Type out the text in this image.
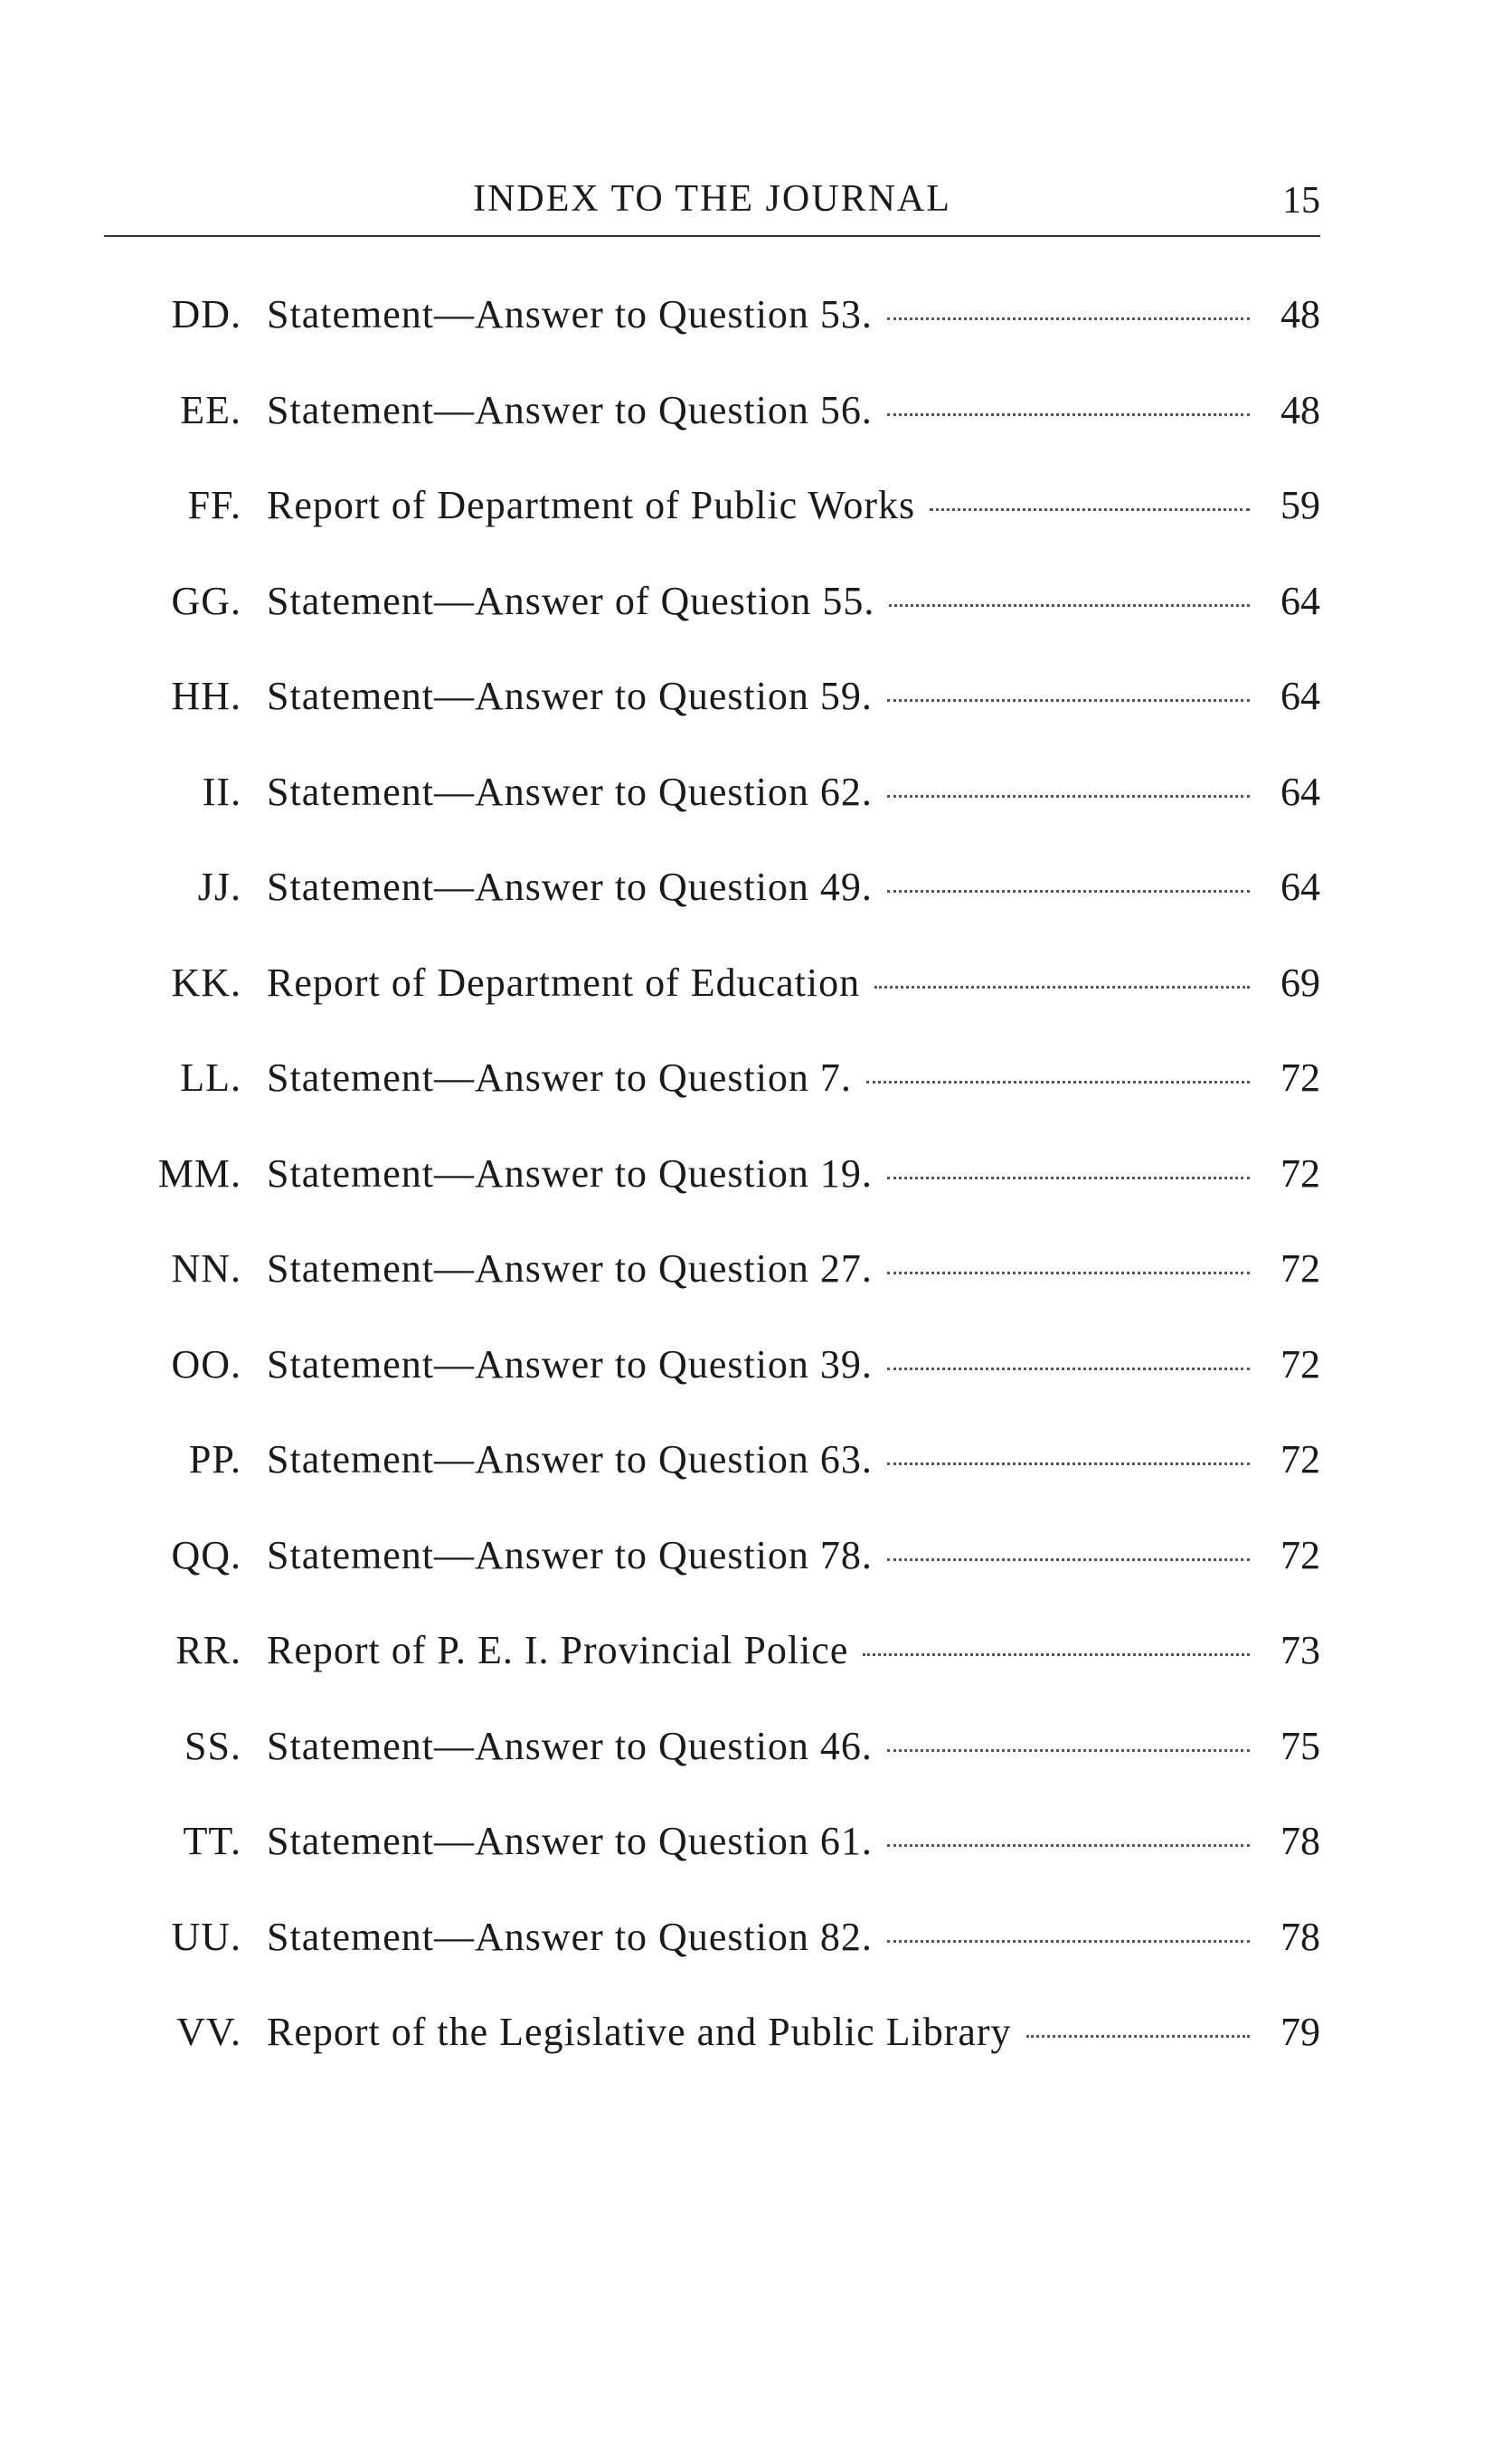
INDEX TO THE JOURNAL	15
DD. Statement—Answer to Question 53.	48
EE. Statement—Answer to Question 56.	48
FF. Report of Department of Public Works	59
GG. Statement—Answer of Question 55.	64
HH. Statement—Answer to Question 59.	64
II. Statement—Answer to Question 62.	64
JJ. Statement—Answer to Question 49.	64
KK. Report of Department of Education	69
LL. Statement—Answer to Question 7.	72
MM. Statement—Answer to Question 19.	72
NN. Statement—Answer to Question 27.	72
OO. Statement—Answer to Question 39.	72
PP. Statement—Answer to Question 63.	72
QQ. Statement—Answer to Question 78.	72
RR. Report of P. E. I. Provincial Police	73
SS. Statement—Answer to Question 46.	75
TT. Statement—Answer to Question 61.	78
UU. Statement—Answer to Question 82.	78
VV. Report of the Legislative and Public Library	79
